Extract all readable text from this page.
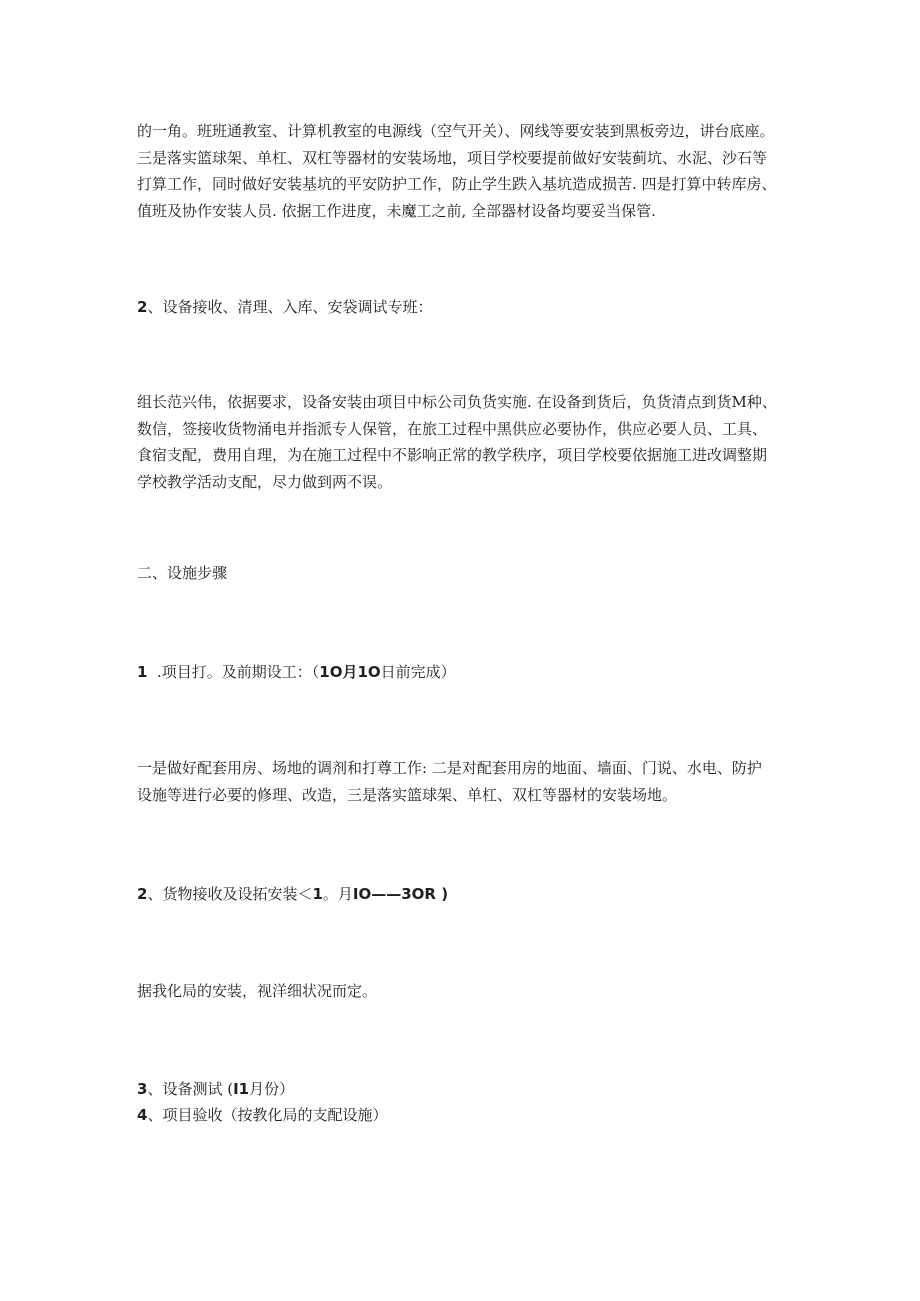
的一角。班班通教室、计算机教室的电源线（空气开关）、网线等要安装到黑板旁边，讲台底座。
三是落实篮球架、单杠、双杠等器材的安装场地，项目学校要提前做好安装蓟坑、水泥、沙石等
打算工作，同时做好安装基坑的平安防护工作，防止学生跌入基坑造成损苦. 四是打算中转库房、
值班及协作安装人员. 依据工作进度，未魔工之前, 全部器材设备均要妥当保管.
2、设备接收、清理、入库、安袋调试专班：
组长范兴伟，依据要求，设备安装由项目中标公司负货实施. 在设备到货后，负货清点到货M种、
数信，签接收货物涌电并指派专人保管，在旅工过程中黑供应必要协作，供应必要人员、工具、
食宿支配，费用自理，为在施工过程中不影响正常的教学秩序，项目学校要依据施工进改调整期
学校教学活动支配，尽力做到两不误。
二、设施步骤
1 .项目打。及前期设工：（1O月1O日前完成）
一是做好配套用房、场地的调剂和打尊工作: 二是对配套用房的地面、墙面、门说、水电、防护
设施等进行必要的修理、改造，三是落实篮球架、单杠、双杠等器材的安装场地。
2、货物接收及设拓安装＜1。月IO——3OR )
据我化局的安装，视洋细状况而定。
3、设备测试 (I1月份）
4、项目验收（按教化局的支配设施）
